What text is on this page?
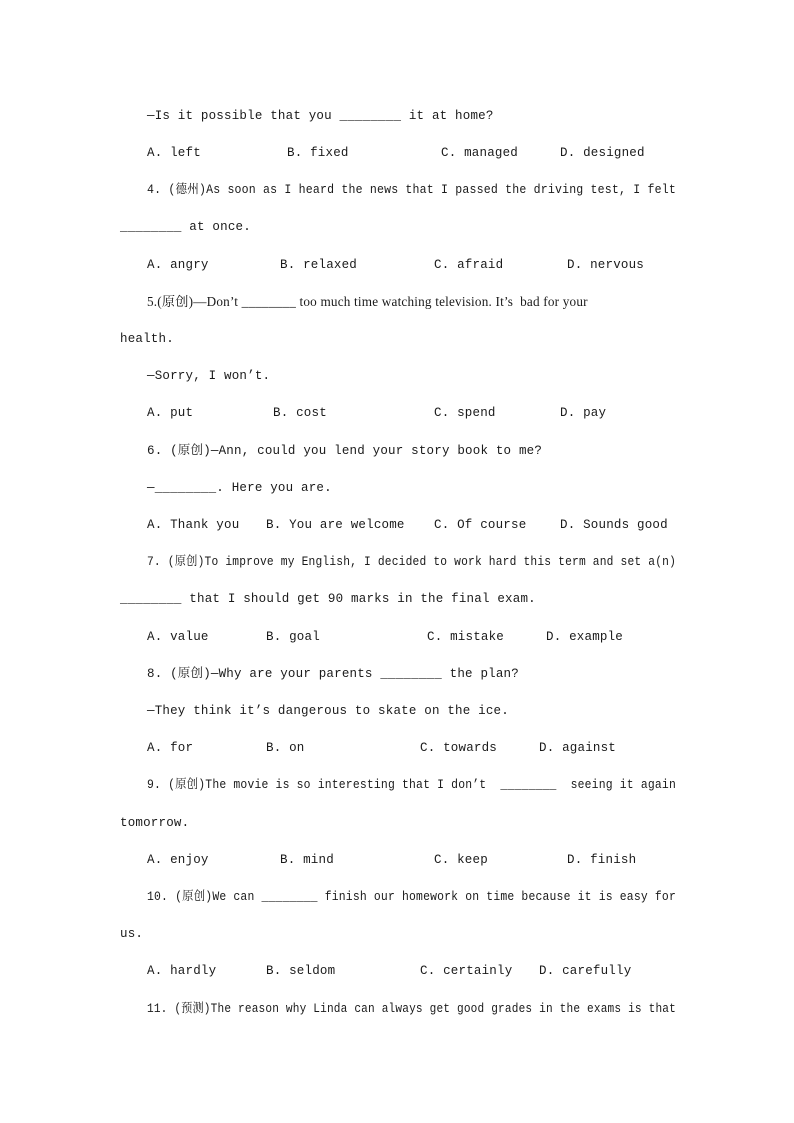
—Is it possible that you ________ it at home?
A. left	B. fixed	C. managed	D. designed
4. (德州)As soon as I heard the news that I passed the driving test, I felt
________ at once.
A. angry	B. relaxed	C. afraid	D. nervous
5.(原创)—Don’t ________ too much time watching television. It’s  bad for your
health.
—Sorry, I won’t.
A. put	B. cost	C. spend	D. pay
6. (原创)—Ann, could you lend your story book to me?
—________. Here you are.
A. Thank you B. You are welcome C. Of course	D. Sounds good
7. (原创)To improve my English, I decided to work hard this term and set a(n)
________ that I should get 90 marks in the final exam.
A. value	B. goal	C. mistake	D. example
8. (原创)—Why are your parents ________ the plan?
—They think it’s dangerous to skate on the ice.
A. for	B. on	C. towards	D. against
9. (原创)The movie is so interesting that I don’t  ________  seeing it again
tomorrow.
A. enjoy	B. mind	C. keep	D. finish
10. (原创)We can ________ finish our homework on time because it is easy for
us.
A. hardly	B. seldom	C. certainly D. carefully
11. (预测)The reason why Linda can always get good grades in the exams is that
